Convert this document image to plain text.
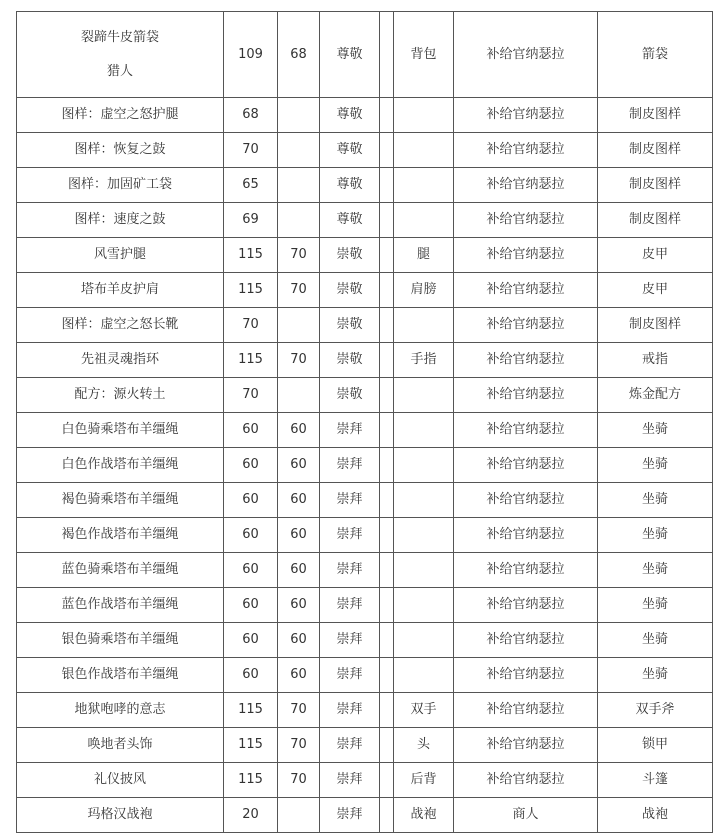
裂蹄牛皮箭袋
猎人	109	68	尊敬		背包	补给官纳瑟拉	箭袋

图样：虚空之怒护腿	68		尊敬			补给官纳瑟拉	制皮图样

图样：恢复之鼓	70		尊敬			补给官纳瑟拉	制皮图样

图样：加固矿工袋	65		尊敬			补给官纳瑟拉	制皮图样

图样：速度之鼓	69		尊敬			补给官纳瑟拉	制皮图样

风雪护腿	115	70	崇敬		腿	补给官纳瑟拉	皮甲

塔布羊皮护肩	115	70	崇敬		肩膀	补给官纳瑟拉	皮甲

图样：虚空之怒长靴	70		崇敬			补给官纳瑟拉	制皮图样

先祖灵魂指环	115	70	崇敬		手指	补给官纳瑟拉	戒指

配方：源火转土	70		崇敬			补给官纳瑟拉	炼金配方

白色骑乘塔布羊缰绳	60	60	崇拜			补给官纳瑟拉	坐骑

白色作战塔布羊缰绳	60	60	崇拜			补给官纳瑟拉	坐骑

褐色骑乘塔布羊缰绳	60	60	崇拜			补给官纳瑟拉	坐骑

褐色作战塔布羊缰绳	60	60	崇拜			补给官纳瑟拉	坐骑

蓝色骑乘塔布羊缰绳	60	60	崇拜			补给官纳瑟拉	坐骑

蓝色作战塔布羊缰绳	60	60	崇拜			补给官纳瑟拉	坐骑

银色骑乘塔布羊缰绳	60	60	崇拜			补给官纳瑟拉	坐骑

银色作战塔布羊缰绳	60	60	崇拜			补给官纳瑟拉	坐骑

地狱咆哮的意志	115	70	崇拜		双手	补给官纳瑟拉	双手斧

唤地者头饰	115	70	崇拜		头	补给官纳瑟拉	锁甲

礼仪披风	115	70	崇拜		后背	补给官纳瑟拉	斗篷

玛格汉战袍	20		崇拜		战袍	商人	战袍
